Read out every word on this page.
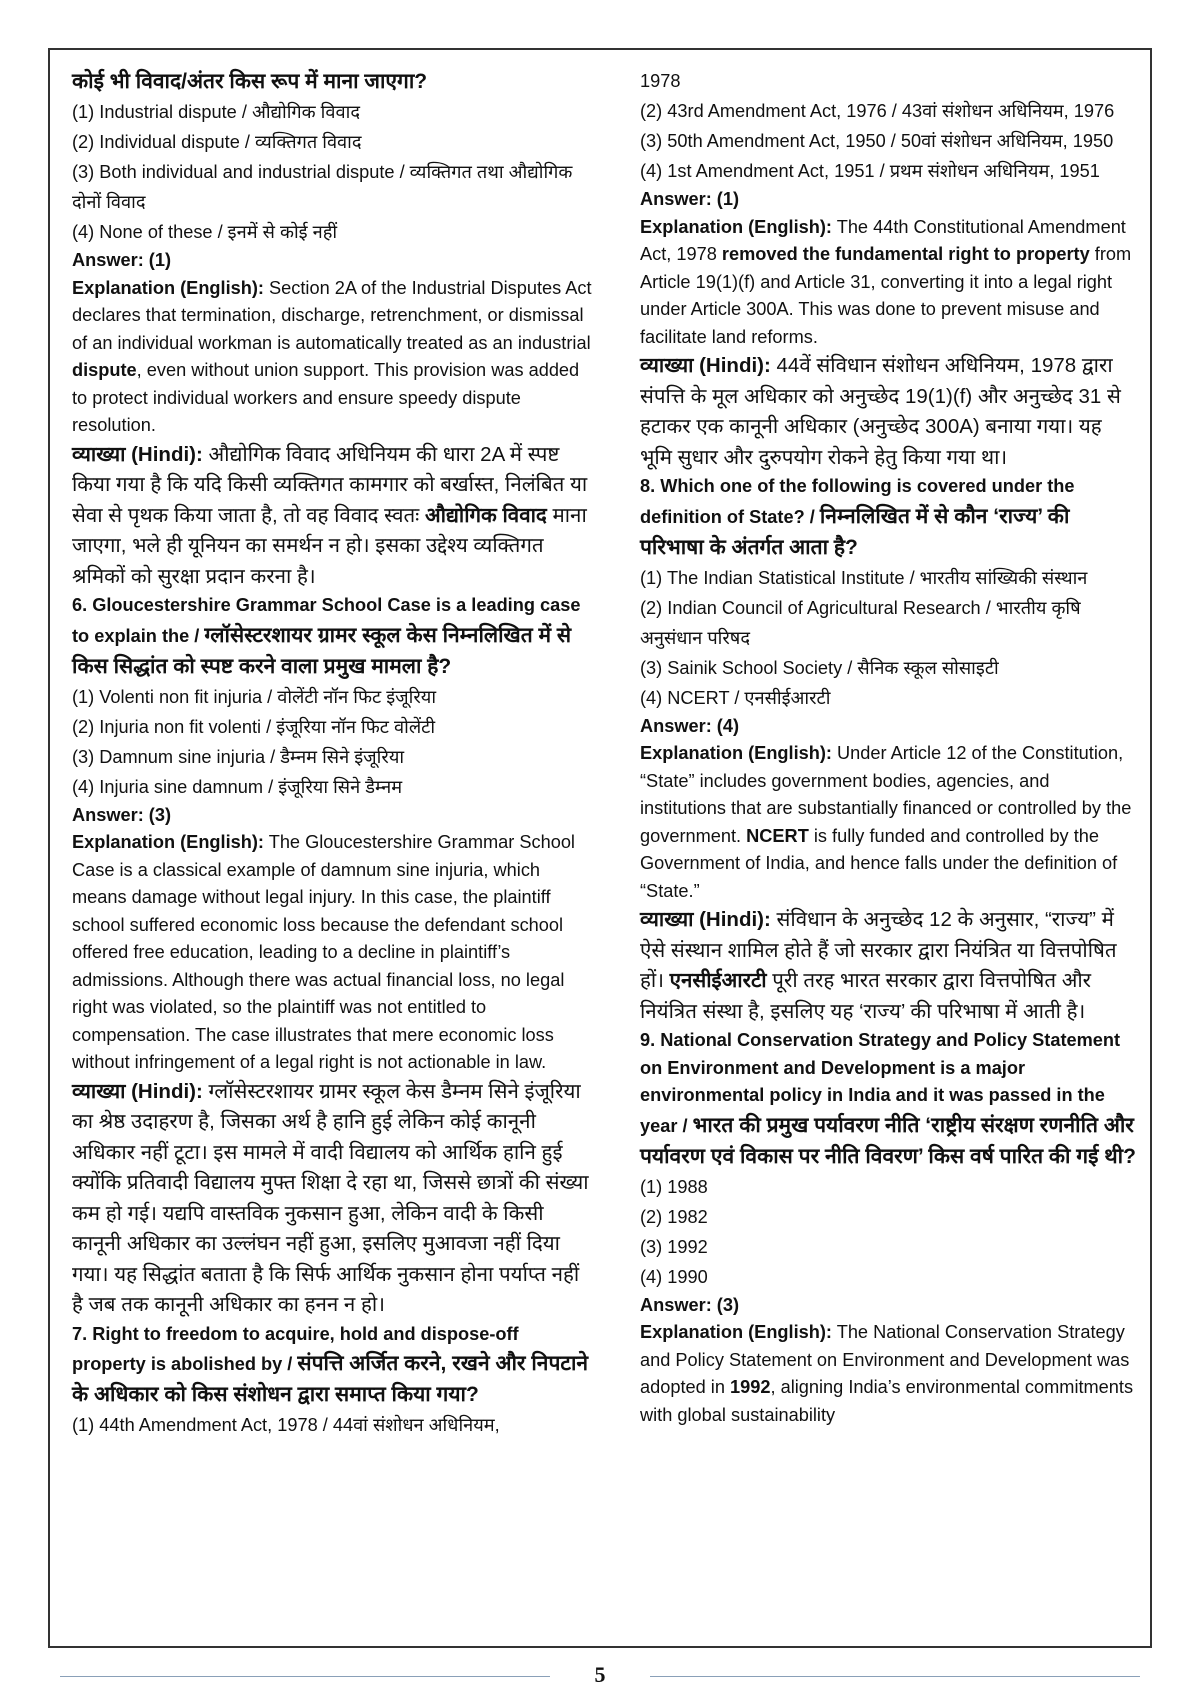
कोई भी विवाद/अंतर किस रूप में माना जाएगा?

(1) Industrial dispute / औद्योगिक विवाद

(2) Individual dispute / व्यक्तिगत विवाद

(3) Both individual and industrial dispute / व्यक्तिगत तथा औद्योगिक दोनों विवाद

(4) None of these / इनमें से कोई नहीं

Answer: (1)

Explanation (English): Section 2A of the Industrial Disputes Act declares that termination, discharge, retrenchment, or dismissal of an individual workman is automatically treated as an industrial dispute, even without union support. This provision was added to protect individual workers and ensure speedy dispute resolution.

व्याख्या (Hindi): औद्योगिक विवाद अधिनियम की धारा 2A में स्पष्ट किया गया है कि यदि किसी व्यक्तिगत कामगार को बर्खास्त, निलंबित या सेवा से पृथक किया जाता है, तो वह विवाद स्वतः औद्योगिक विवाद माना जाएगा, भले ही यूनियन का समर्थन न हो। इसका उद्देश्य व्यक्तिगत श्रमिकों को सुरक्षा प्रदान करना है।

6. Gloucestershire Grammar School Case is a leading case to explain the / ग्लॉसेस्टरशायर ग्रामर स्कूल केस निम्नलिखित में से किस सिद्धांत को स्पष्ट करने वाला प्रमुख मामला है?

(1) Volenti non fit injuria / वोलेंटी नॉन फिट इंजूरिया

(2) Injuria non fit volenti / इंजूरिया नॉन फिट वोलेंटी

(3) Damnum sine injuria / डैम्नम सिने इंजूरिया

(4) Injuria sine damnum / इंजूरिया सिने डैम्नम

Answer: (3)

Explanation (English): The Gloucestershire Grammar School Case is a classical example of damnum sine injuria, which means damage without legal injury. In this case, the plaintiff school suffered economic loss because the defendant school offered free education, leading to a decline in plaintiff’s admissions. Although there was actual financial loss, no legal right was violated, so the plaintiff was not entitled to compensation. The case illustrates that mere economic loss without infringement of a legal right is not actionable in law.

व्याख्या (Hindi): ग्लॉसेस्टरशायर ग्रामर स्कूल केस डैम्नम सिने इंजूरिया का श्रेष्ठ उदाहरण है, जिसका अर्थ है हानि हुई लेकिन कोई कानूनी अधिकार नहीं टूटा। इस मामले में वादी विद्यालय को आर्थिक हानि हुई क्योंकि प्रतिवादी विद्यालय मुफ्त शिक्षा दे रहा था, जिससे छात्रों की संख्या कम हो गई। यद्यपि वास्तविक नुकसान हुआ, लेकिन वादी के किसी कानूनी अधिकार का उल्लंघन नहीं हुआ, इसलिए मुआवजा नहीं दिया गया। यह सिद्धांत बताता है कि सिर्फ आर्थिक नुकसान होना पर्याप्त नहीं है जब तक कानूनी अधिकार का हनन न हो।

7. Right to freedom to acquire, hold and dispose-off property is abolished by / संपत्ति अर्जित करने, रखने और निपटाने के अधिकार को किस संशोधन द्वारा समाप्त किया गया?

(1) 44th Amendment Act, 1978 / 44वां संशोधन अधिनियम,

1978

(2) 43rd Amendment Act, 1976 / 43वां संशोधन अधिनियम, 1976

(3) 50th Amendment Act, 1950 / 50वां संशोधन अधिनियम, 1950

(4) 1st Amendment Act, 1951 / प्रथम संशोधन अधिनियम, 1951

Answer: (1)

Explanation (English): The 44th Constitutional Amendment Act, 1978 removed the fundamental right to property from Article 19(1)(f) and Article 31, converting it into a legal right under Article 300A. This was done to prevent misuse and facilitate land reforms.

व्याख्या (Hindi): 44वें संविधान संशोधन अधिनियम, 1978 द्वारा संपत्ति के मूल अधिकार को अनुच्छेद 19(1)(f) और अनुच्छेद 31 से हटाकर एक कानूनी अधिकार (अनुच्छेद 300A) बनाया गया। यह भूमि सुधार और दुरुपयोग रोकने हेतु किया गया था।

8. Which one of the following is covered under the definition of State? / निम्नलिखित में से कौन ‘राज्य’ की परिभाषा के अंतर्गत आता है?

(1) The Indian Statistical Institute / भारतीय सांख्यिकी संस्थान

(2) Indian Council of Agricultural Research / भारतीय कृषि अनुसंधान परिषद

(3) Sainik School Society / सैनिक स्कूल सोसाइटी

(4) NCERT / एनसीईआरटी

Answer: (4)

Explanation (English): Under Article 12 of the Constitution, “State” includes government bodies, agencies, and institutions that are substantially financed or controlled by the government. NCERT is fully funded and controlled by the Government of India, and hence falls under the definition of “State.”

व्याख्या (Hindi): संविधान के अनुच्छेद 12 के अनुसार, “राज्य” में ऐसे संस्थान शामिल होते हैं जो सरकार द्वारा नियंत्रित या वित्तपोषित हों। एनसीईआरटी पूरी तरह भारत सरकार द्वारा वित्तपोषित और नियंत्रित संस्था है, इसलिए यह ‘राज्य’ की परिभाषा में आती है।

9. National Conservation Strategy and Policy Statement on Environment and Development is a major environmental policy in India and it was passed in the year / भारत की प्रमुख पर्यावरण नीति ‘राष्ट्रीय संरक्षण रणनीति और पर्यावरण एवं विकास पर नीति विवरण’ किस वर्ष पारित की गई थी?

(1) 1988

(2) 1982

(3) 1992

(4) 1990

Answer: (3)

Explanation (English): The National Conservation Strategy and Policy Statement on Environment and Development was adopted in 1992, aligning India’s environmental commitments with global sustainability

5
